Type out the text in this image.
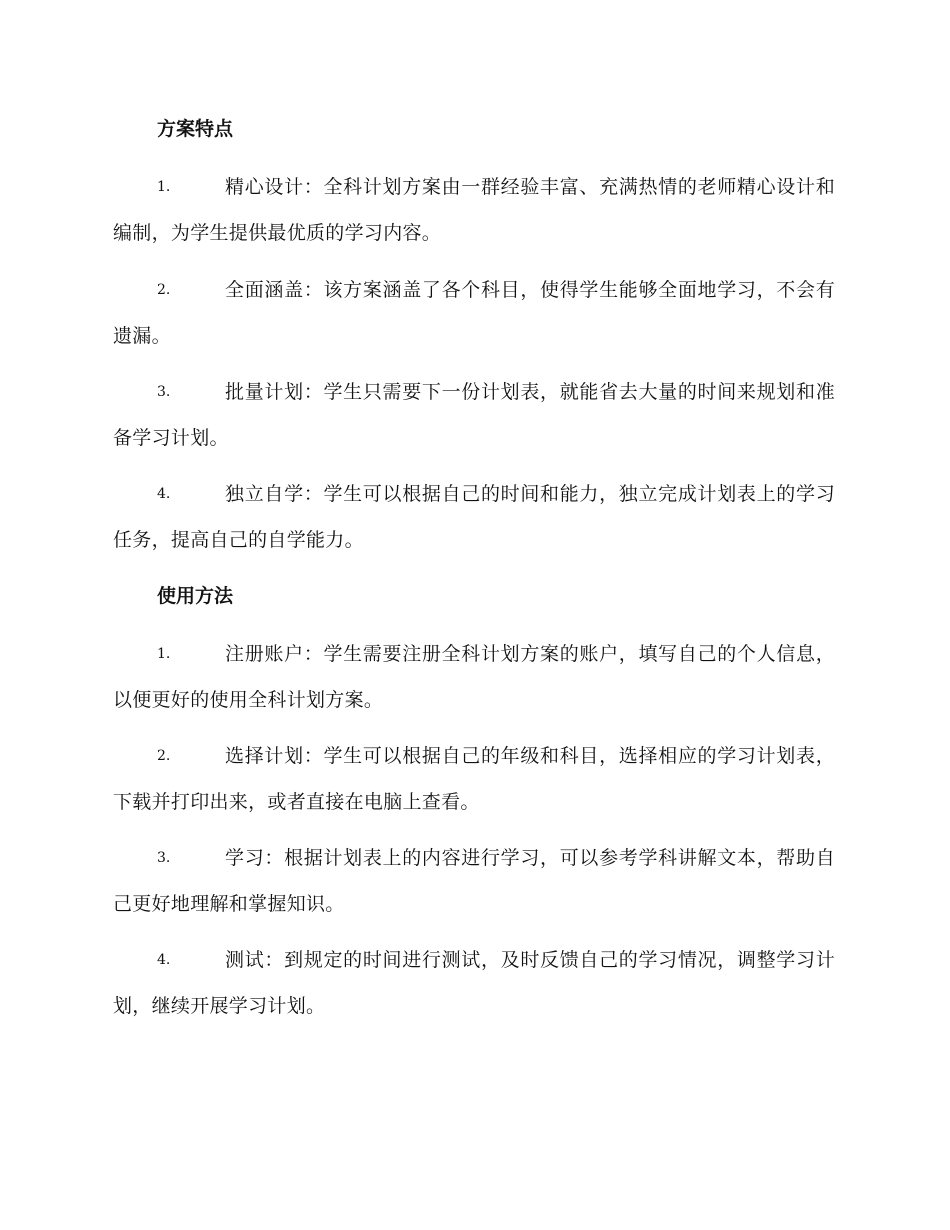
方案特点
1.	精心设计：全科计划方案由一群经验丰富、充满热情的老师精心设计和编制，为学生提供最优质的学习内容。
2.	全面涵盖：该方案涵盖了各个科目，使得学生能够全面地学习，不会有遗漏。
3.	批量计划：学生只需要下一份计划表，就能省去大量的时间来规划和准备学习计划。
4.	独立自学：学生可以根据自己的时间和能力，独立完成计划表上的学习任务，提高自己的自学能力。
使用方法
1.	注册账户：学生需要注册全科计划方案的账户，填写自己的个人信息，以便更好的使用全科计划方案。
2.	选择计划：学生可以根据自己的年级和科目，选择相应的学习计划表，下载并打印出来，或者直接在电脑上查看。
3.	学习：根据计划表上的内容进行学习，可以参考学科讲解文本，帮助自己更好地理解和掌握知识。
4.	测试：到规定的时间进行测试，及时反馈自己的学习情况，调整学习计划，继续开展学习计划。
